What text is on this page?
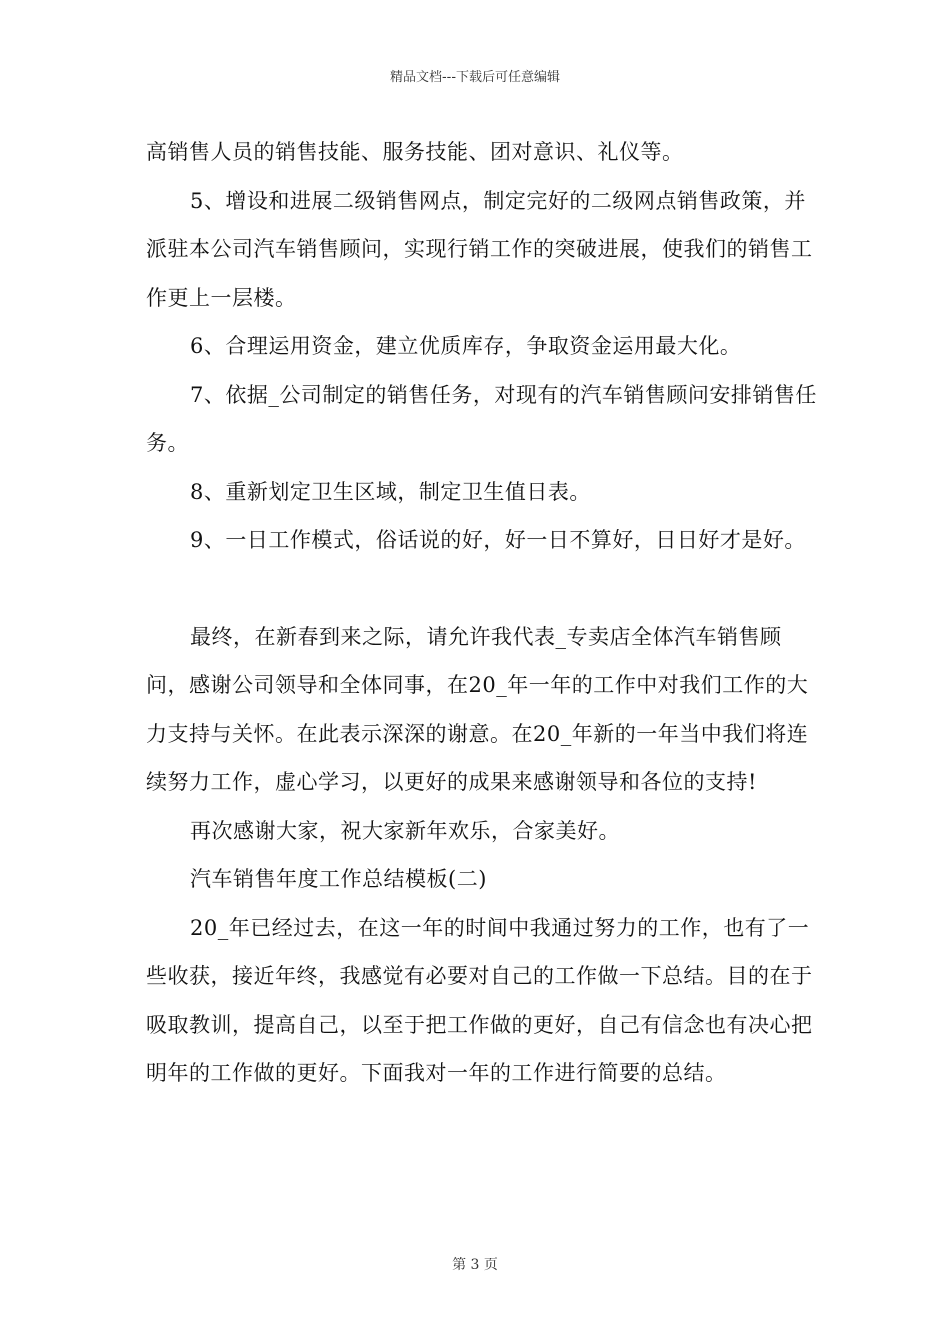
精品文档---下载后可任意编辑

高销售人员的销售技能、服务技能、团对意识、礼仪等。

5、增设和进展二级销售网点，制定完好的二级网点销售政策，并派驻本公司汽车销售顾问，实现行销工作的突破进展，使我们的销售工作更上一层楼。

6、合理运用资金，建立优质库存，争取资金运用最大化。

7、依据_公司制定的销售任务，对现有的汽车销售顾问安排销售任务。

8、重新划定卫生区域，制定卫生值日表。

9、一日工作模式，俗话说的好，好一日不算好，日日好才是好。

最终，在新春到来之际，请允许我代表_专卖店全体汽车销售顾问，感谢公司领导和全体同事，在20_年一年的工作中对我们工作的大力支持与关怀。在此表示深深的谢意。在20_年新的一年当中我们将连续努力工作，虚心学习，以更好的成果来感谢领导和各位的支持!

再次感谢大家，祝大家新年欢乐，合家美好。

汽车销售年度工作总结模板(二)

20_年已经过去，在这一年的时间中我通过努力的工作，也有了一些收获，接近年终，我感觉有必要对自己的工作做一下总结。目的在于吸取教训，提高自己，以至于把工作做的更好，自己有信念也有决心把明年的工作做的更好。下面我对一年的工作进行简要的总结。

第 3 页
